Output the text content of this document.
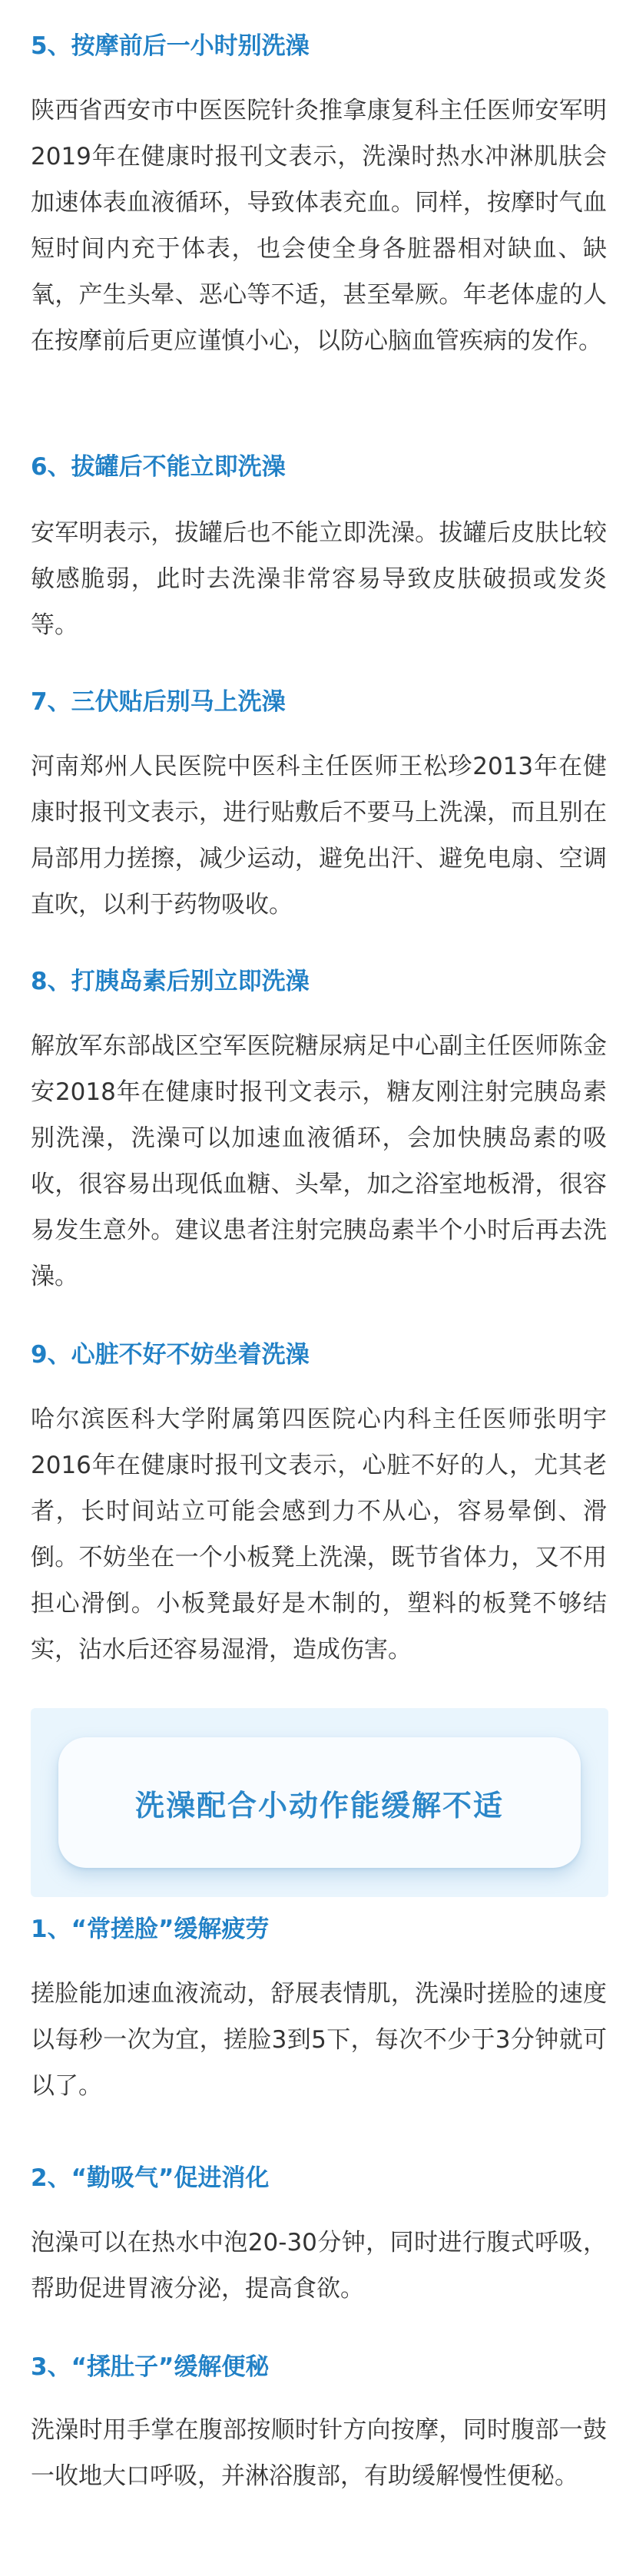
5、按摩前后一小时别洗澡

陕西省西安市中医医院针灸推拿康复科主任医师安军明2019年在健康时报刊文表示，洗澡时热水冲淋肌肤会加速体表血液循环，导致体表充血。同样，按摩时气血短时间内充于体表，也会使全身各脏器相对缺血、缺氧，产生头晕、恶心等不适，甚至晕厥。年老体虚的人在按摩前后更应谨慎小心，以防心脑血管疾病的发作。

6、拔罐后不能立即洗澡

安军明表示，拔罐后也不能立即洗澡。拔罐后皮肤比较敏感脆弱，此时去洗澡非常容易导致皮肤破损或发炎等。

7、三伏贴后别马上洗澡

河南郑州人民医院中医科主任医师王松珍2013年在健康时报刊文表示，进行贴敷后不要马上洗澡，而且别在局部用力搓擦，减少运动，避免出汗、避免电扇、空调直吹，以利于药物吸收。

8、打胰岛素后别立即洗澡

解放军东部战区空军医院糖尿病足中心副主任医师陈金安2018年在健康时报刊文表示，糖友刚注射完胰岛素别洗澡，洗澡可以加速血液循环，会加快胰岛素的吸收，很容易出现低血糖、头晕，加之浴室地板滑，很容易发生意外。建议患者注射完胰岛素半个小时后再去洗澡。

9、心脏不好不妨坐着洗澡

哈尔滨医科大学附属第四医院心内科主任医师张明宇2016年在健康时报刊文表示，心脏不好的人，尤其老者，长时间站立可能会感到力不从心，容易晕倒、滑倒。不妨坐在一个小板凳上洗澡，既节省体力，又不用担心滑倒。小板凳最好是木制的，塑料的板凳不够结实，沾水后还容易湿滑，造成伤害。

洗澡配合小动作能缓解不适
1、“常搓脸”缓解疲劳

搓脸能加速血液流动，舒展表情肌，洗澡时搓脸的速度以每秒一次为宜，搓脸3到5下，每次不少于3分钟就可以了。

2、“勤吸气”促进消化

泡澡可以在热水中泡20-30分钟，同时进行腹式呼吸，帮助促进胃液分泌，提高食欲。

3、“揉肚子”缓解便秘

洗澡时用手掌在腹部按顺时针方向按摩，同时腹部一鼓一收地大口呼吸，并淋浴腹部，有助缓解慢性便秘。
